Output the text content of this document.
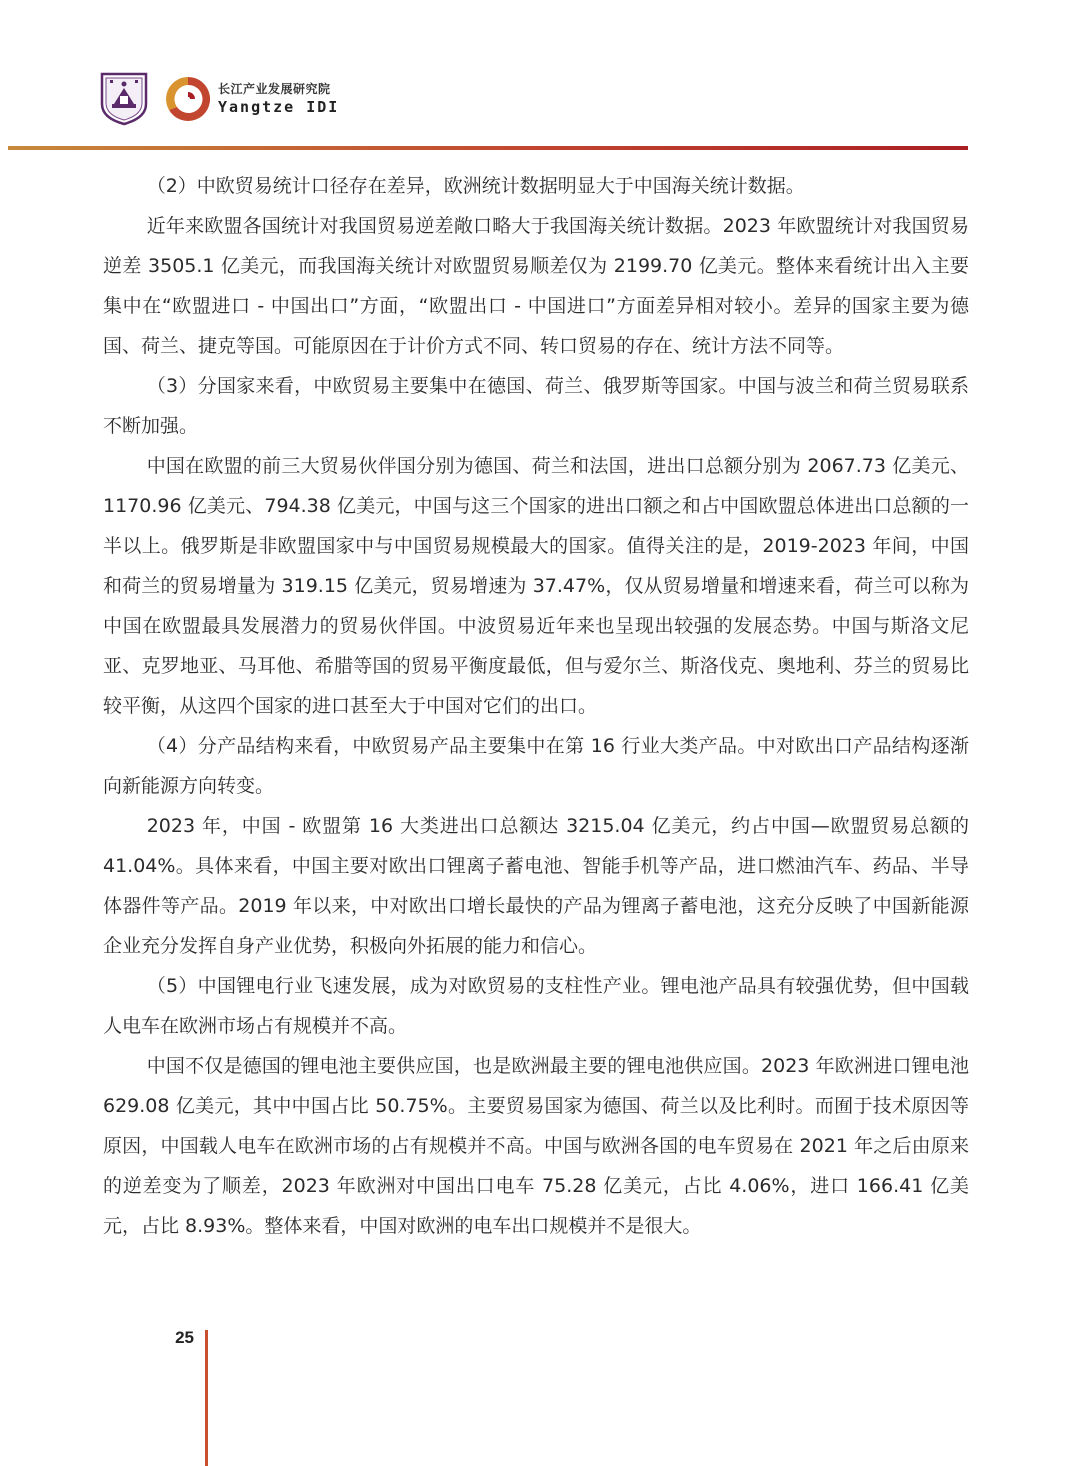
长江产业发展研究院
Yangtze IDI

（2）中欧贸易统计口径存在差异，欧洲统计数据明显大于中国海关统计数据。

近年来欧盟各国统计对我国贸易逆差敞口略大于我国海关统计数据。2023 年欧盟统计对我国贸易逆差 3505.1 亿美元，而我国海关统计对欧盟贸易顺差仅为 2199.70 亿美元。整体来看统计出入主要集中在“欧盟进口 - 中国出口”方面，“欧盟出口 - 中国进口”方面差异相对较小。差异的国家主要为德国、荷兰、捷克等国。可能原因在于计价方式不同、转口贸易的存在、统计方法不同等。

（3）分国家来看，中欧贸易主要集中在德国、荷兰、俄罗斯等国家。中国与波兰和荷兰贸易联系不断加强。

中国在欧盟的前三大贸易伙伴国分别为德国、荷兰和法国，进出口总额分别为 2067.73 亿美元、1170.96 亿美元、794.38 亿美元，中国与这三个国家的进出口额之和占中国欧盟总体进出口总额的一半以上。俄罗斯是非欧盟国家中与中国贸易规模最大的国家。值得关注的是，2019-2023 年间，中国和荷兰的贸易增量为 319.15 亿美元，贸易增速为 37.47%，仅从贸易增量和增速来看，荷兰可以称为中国在欧盟最具发展潜力的贸易伙伴国。中波贸易近年来也呈现出较强的发展态势。中国与斯洛文尼亚、克罗地亚、马耳他、希腊等国的贸易平衡度最低，但与爱尔兰、斯洛伐克、奥地利、芬兰的贸易比较平衡，从这四个国家的进口甚至大于中国对它们的出口。

（4）分产品结构来看，中欧贸易产品主要集中在第 16 行业大类产品。中对欧出口产品结构逐渐向新能源方向转变。

2023 年，中国 - 欧盟第 16 大类进出口总额达 3215.04 亿美元，约占中国—欧盟贸易总额的 41.04%。具体来看，中国主要对欧出口锂离子蓄电池、智能手机等产品，进口燃油汽车、药品、半导体器件等产品。2019 年以来，中对欧出口增长最快的产品为锂离子蓄电池，这充分反映了中国新能源企业充分发挥自身产业优势，积极向外拓展的能力和信心。

（5）中国锂电行业飞速发展，成为对欧贸易的支柱性产业。锂电池产品具有较强优势，但中国载人电车在欧洲市场占有规模并不高。

中国不仅是德国的锂电池主要供应国，也是欧洲最主要的锂电池供应国。2023 年欧洲进口锂电池 629.08 亿美元，其中中国占比 50.75%。主要贸易国家为德国、荷兰以及比利时。而囿于技术原因等原因，中国载人电车在欧洲市场的占有规模并不高。中国与欧洲各国的电车贸易在 2021 年之后由原来的逆差变为了顺差，2023 年欧洲对中国出口电车 75.28 亿美元，占比 4.06%，进口 166.41 亿美元，占比 8.93%。整体来看，中国对欧洲的电车出口规模并不是很大。

25
